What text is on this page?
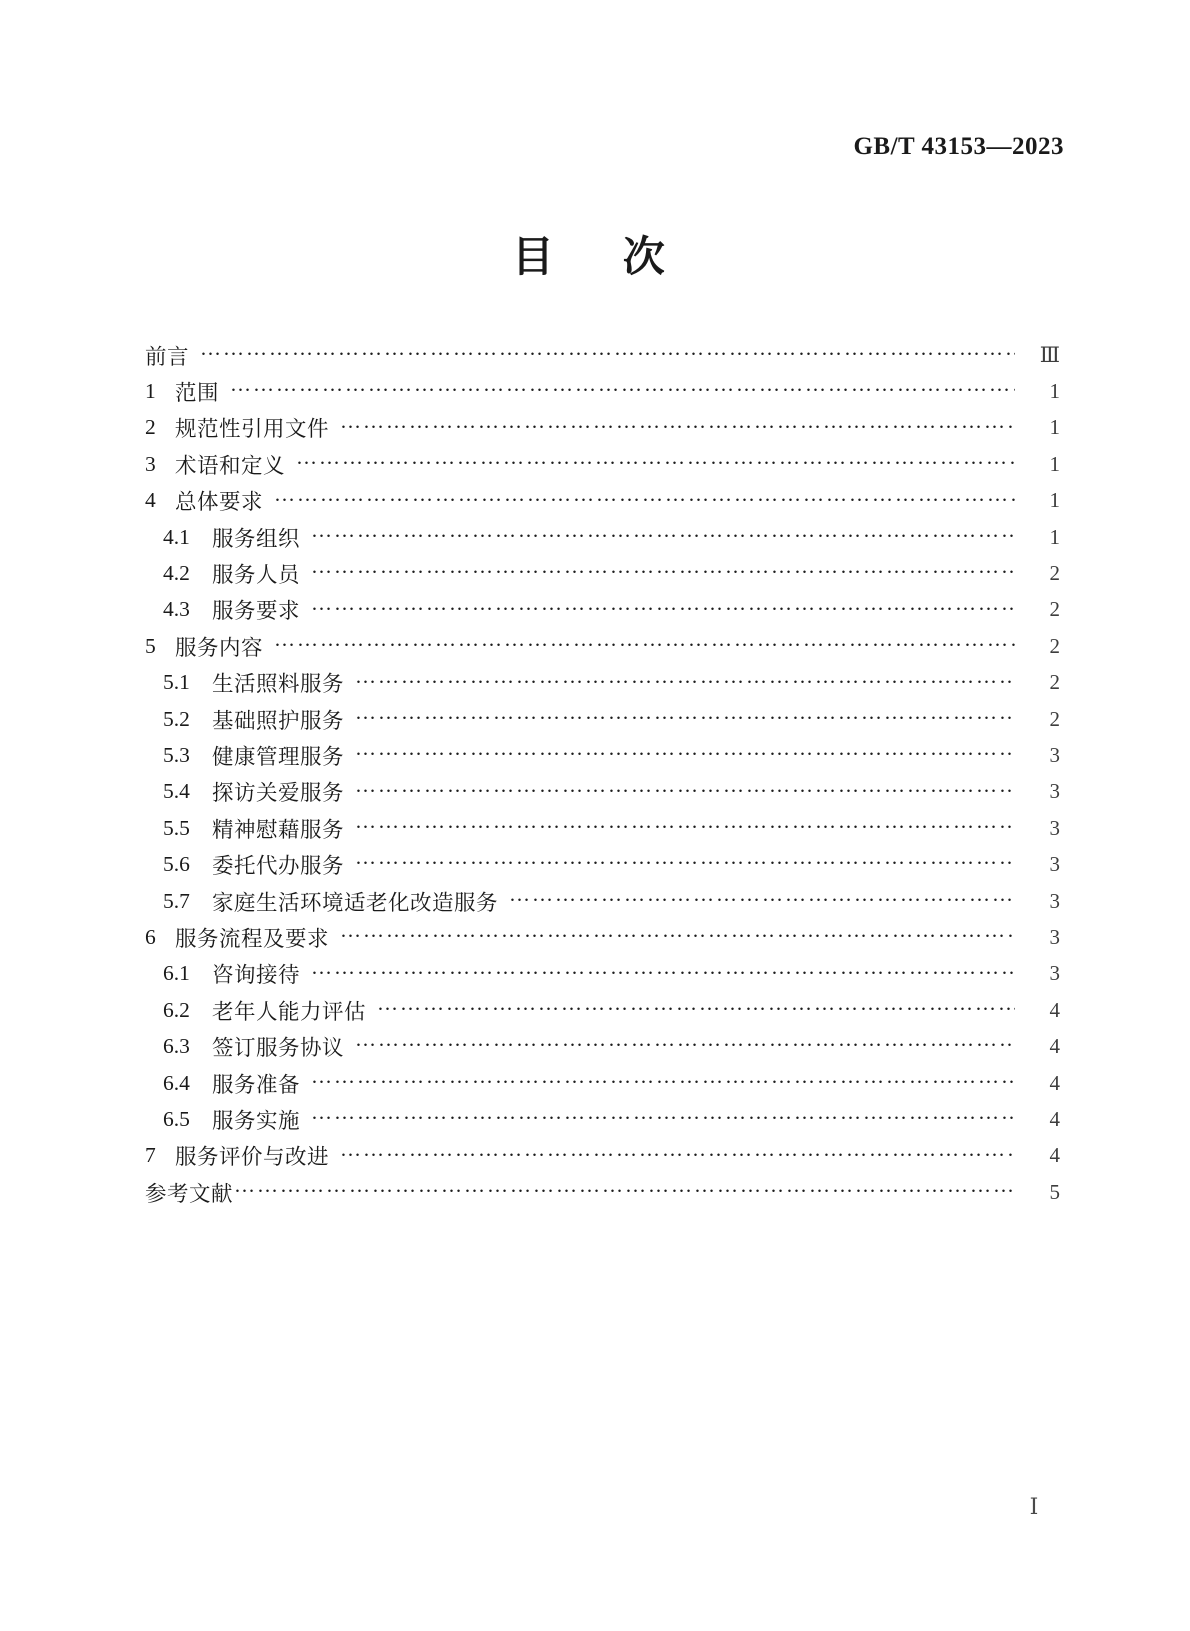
GB/T 43153—2023
目　次
前言 ………………………………………………………………………………………………………………………………………………………………………………………………	Ⅲ
1 范围 ………………………………………………………………………………………………………………………………………………………………………………………………	1
2 规范性引用文件 ………………………………………………………………………………………………………………………………………………………………………………………………	1
3 术语和定义 ………………………………………………………………………………………………………………………………………………………………………………………………	1
4 总体要求 ………………………………………………………………………………………………………………………………………………………………………………………………	1
4.1	服务组织 ………………………………………………………………………………………………………………………………………………………………………………………………	1
4.2	服务人员 ………………………………………………………………………………………………………………………………………………………………………………………………	2
4.3	服务要求 ………………………………………………………………………………………………………………………………………………………………………………………………	2
5 服务内容 ………………………………………………………………………………………………………………………………………………………………………………………………	2
5.1	生活照料服务 ………………………………………………………………………………………………………………………………………………………………………………………………	2
5.2	基础照护服务 ………………………………………………………………………………………………………………………………………………………………………………………………	2
5.3	健康管理服务 ………………………………………………………………………………………………………………………………………………………………………………………………	3
5.4	探访关爱服务 ………………………………………………………………………………………………………………………………………………………………………………………………	3
5.5	精神慰藉服务 ………………………………………………………………………………………………………………………………………………………………………………………………	3
5.6	委托代办服务 ………………………………………………………………………………………………………………………………………………………………………………………………	3
5.7	家庭生活环境适老化改造服务 ………………………………………………………………………………………………………………………………………………………………………………………………	3
6 服务流程及要求 ………………………………………………………………………………………………………………………………………………………………………………………………	3
6.1	咨询接待 ………………………………………………………………………………………………………………………………………………………………………………………………	3
6.2	老年人能力评估 ………………………………………………………………………………………………………………………………………………………………………………………………	4
6.3	签订服务协议 ………………………………………………………………………………………………………………………………………………………………………………………………	4
6.4	服务准备 ………………………………………………………………………………………………………………………………………………………………………………………………	4
6.5	服务实施 ………………………………………………………………………………………………………………………………………………………………………………………………	4
7 服务评价与改进 ………………………………………………………………………………………………………………………………………………………………………………………………	4
参考文献 ………………………………………………………………………………………………………………………………………………………………………………………………	5
Ⅰ
